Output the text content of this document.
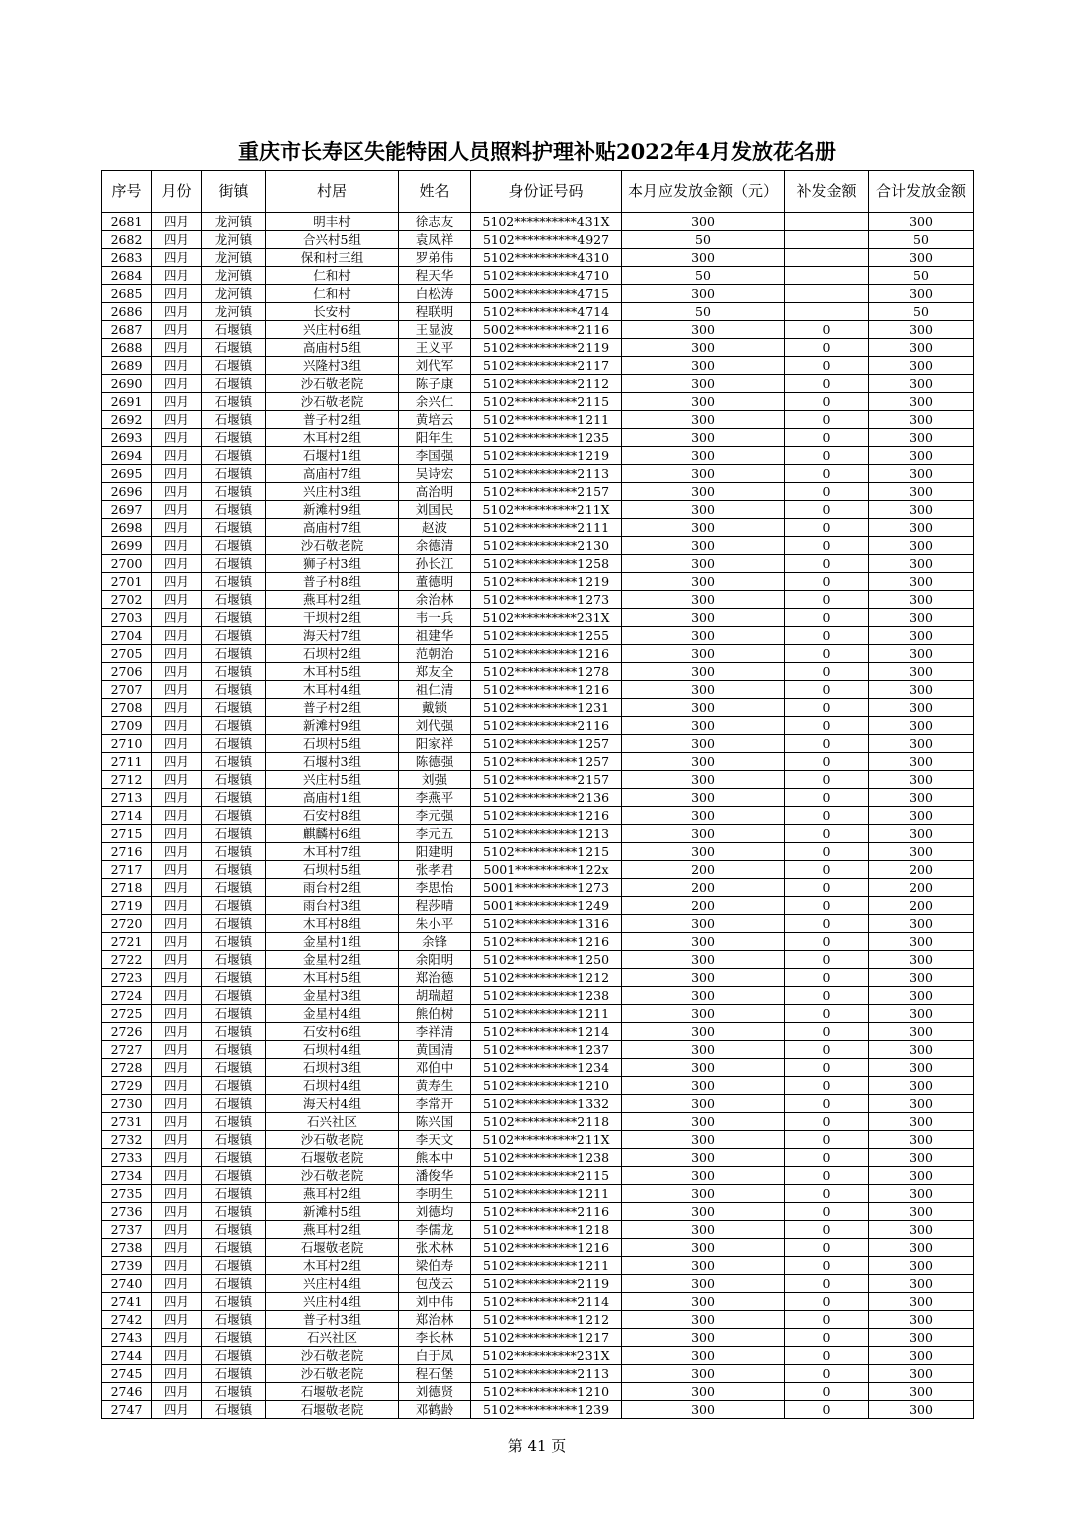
重庆市长寿区失能特困人员照料护理补贴2022年4月发放花名册
序号	月份	街镇	村居	姓名	身份证号码	本月应发放金额（元）	补发金额	合计发放金额
2681	四月	龙河镇	明丰村	徐志友	5102**********431X	300		300
2682	四月	龙河镇	合兴村5组	袁凤祥	5102**********4927	50		50
2683	四月	龙河镇	保和村三组	罗弟伟	5102**********4310	300		300
2684	四月	龙河镇	仁和村	程天华	5102**********4710	50		50
2685	四月	龙河镇	仁和村	白松涛	5002**********4715	300		300
2686	四月	龙河镇	长安村	程联明	5102**********4714	50		50
2687	四月	石堰镇	兴庄村6组	王显波	5002**********2116	300	0	300
2688	四月	石堰镇	高庙村5组	王义平	5102**********2119	300	0	300
2689	四月	石堰镇	兴隆村3组	刘代军	5102**********2117	300	0	300
2690	四月	石堰镇	沙石敬老院	陈子康	5102**********2112	300	0	300
2691	四月	石堰镇	沙石敬老院	余兴仁	5102**********2115	300	0	300
2692	四月	石堰镇	普子村2组	黄培云	5102**********1211	300	0	300
2693	四月	石堰镇	木耳村2组	阳年生	5102**********1235	300	0	300
2694	四月	石堰镇	石堰村1组	李国强	5102**********1219	300	0	300
2695	四月	石堰镇	高庙村7组	吴诗宏	5102**********2113	300	0	300
2696	四月	石堰镇	兴庄村3组	高治明	5102**********2157	300	0	300
2697	四月	石堰镇	新滩村9组	刘国民	5102**********211X	300	0	300
2698	四月	石堰镇	高庙村7组	赵波	5102**********2111	300	0	300
2699	四月	石堰镇	沙石敬老院	余德清	5102**********2130	300	0	300
2700	四月	石堰镇	狮子村3组	孙长江	5102**********1258	300	0	300
2701	四月	石堰镇	普子村8组	董德明	5102**********1219	300	0	300
2702	四月	石堰镇	燕耳村2组	余治林	5102**********1273	300	0	300
2703	四月	石堰镇	干坝村2组	韦一兵	5102**********231X	300	0	300
2704	四月	石堰镇	海天村7组	祖建华	5102**********1255	300	0	300
2705	四月	石堰镇	石坝村2组	范朝治	5102**********1216	300	0	300
2706	四月	石堰镇	木耳村5组	郑友全	5102**********1278	300	0	300
2707	四月	石堰镇	木耳村4组	祖仁清	5102**********1216	300	0	300
2708	四月	石堰镇	普子村2组	戴锁	5102**********1231	300	0	300
2709	四月	石堰镇	新滩村9组	刘代强	5102**********2116	300	0	300
2710	四月	石堰镇	石坝村5组	阳家祥	5102**********1257	300	0	300
2711	四月	石堰镇	石堰村3组	陈德强	5102**********1257	300	0	300
2712	四月	石堰镇	兴庄村5组	刘强	5102**********2157	300	0	300
2713	四月	石堰镇	高庙村1组	李燕平	5102**********2136	300	0	300
2714	四月	石堰镇	石安村8组	李元强	5102**********1216	300	0	300
2715	四月	石堰镇	麒麟村6组	李元五	5102**********1213	300	0	300
2716	四月	石堰镇	木耳村7组	阳建明	5102**********1215	300	0	300
2717	四月	石堰镇	石坝村5组	张孝君	5001**********122x	200	0	200
2718	四月	石堰镇	雨台村2组	李思怡	5001**********1273	200	0	200
2719	四月	石堰镇	雨台村3组	程莎晴	5001**********1249	200	0	200
2720	四月	石堰镇	木耳村8组	朱小平	5102**********1316	300	0	300
2721	四月	石堰镇	金星村1组	余锋	5102**********1216	300	0	300
2722	四月	石堰镇	金星村2组	余阳明	5102**********1250	300	0	300
2723	四月	石堰镇	木耳村5组	郑治德	5102**********1212	300	0	300
2724	四月	石堰镇	金星村3组	胡瑞超	5102**********1238	300	0	300
2725	四月	石堰镇	金星村4组	熊伯树	5102**********1211	300	0	300
2726	四月	石堰镇	石安村6组	李祥清	5102**********1214	300	0	300
2727	四月	石堰镇	石坝村4组	黄国清	5102**********1237	300	0	300
2728	四月	石堰镇	石坝村3组	邓伯中	5102**********1234	300	0	300
2729	四月	石堰镇	石坝村4组	黄寿生	5102**********1210	300	0	300
2730	四月	石堰镇	海天村4组	李常开	5102**********1332	300	0	300
2731	四月	石堰镇	石兴社区	陈兴国	5102**********2118	300	0	300
2732	四月	石堰镇	沙石敬老院	李天文	5102**********211X	300	0	300
2733	四月	石堰镇	石堰敬老院	熊本中	5102**********1238	300	0	300
2734	四月	石堰镇	沙石敬老院	潘俊华	5102**********2115	300	0	300
2735	四月	石堰镇	燕耳村2组	李明生	5102**********1211	300	0	300
2736	四月	石堰镇	新滩村5组	刘德均	5102**********2116	300	0	300
2737	四月	石堰镇	燕耳村2组	李儒龙	5102**********1218	300	0	300
2738	四月	石堰镇	石堰敬老院	张术林	5102**********1216	300	0	300
2739	四月	石堰镇	木耳村2组	梁伯寿	5102**********1211	300	0	300
2740	四月	石堰镇	兴庄村4组	包茂云	5102**********2119	300	0	300
2741	四月	石堰镇	兴庄村4组	刘中伟	5102**********2114	300	0	300
2742	四月	石堰镇	普子村3组	郑治林	5102**********1212	300	0	300
2743	四月	石堰镇	石兴社区	李长林	5102**********1217	300	0	300
2744	四月	石堰镇	沙石敬老院	白于凤	5102**********231X	300	0	300
2745	四月	石堰镇	沙石敬老院	程石堡	5102**********2113	300	0	300
2746	四月	石堰镇	石堰敬老院	刘德贤	5102**********1210	300	0	300
2747	四月	石堰镇	石堰敬老院	邓鹤龄	5102**********1239	300	0	300
第 41 页
